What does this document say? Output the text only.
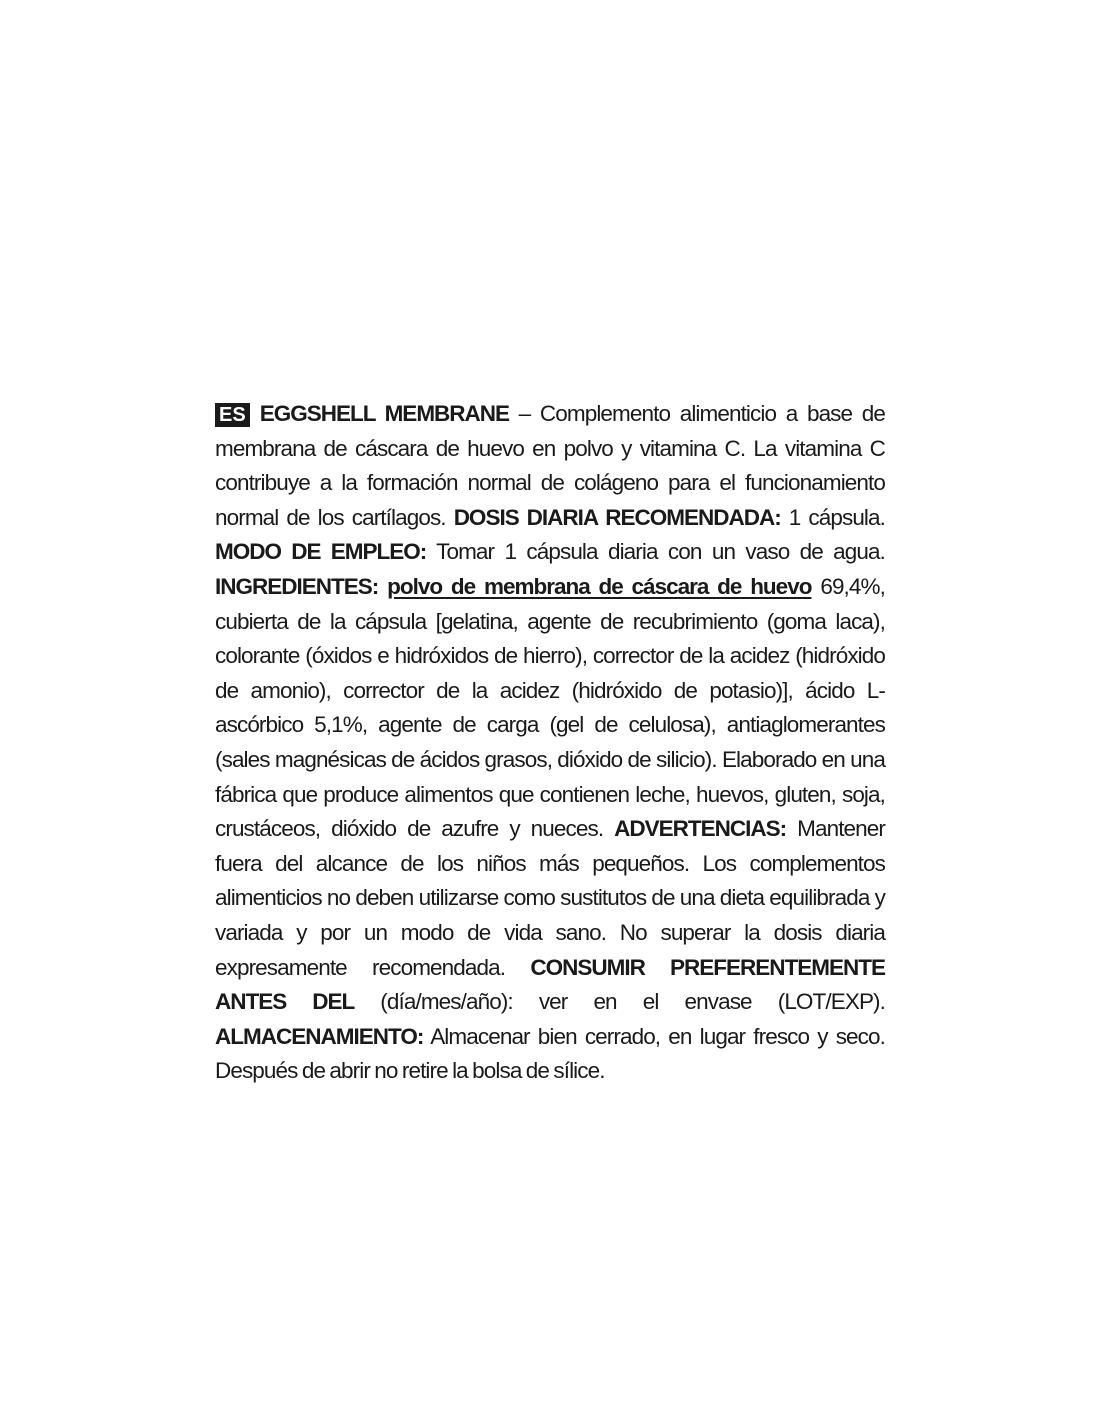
ES EGGSHELL MEMBRANE – Complemento alimenticio a base de membrana de cáscara de huevo en polvo y vitamina C. La vitamina C contribuye a la formación normal de colágeno para el funcionamiento normal de los cartílagos. DOSIS DIARIA RECOMENDADA: 1 cápsula. MODO DE EMPLEO: Tomar 1 cápsula diaria con un vaso de agua. INGREDIENTES: polvo de membrana de cáscara de huevo 69,4%, cubierta de la cápsula [gelatina, agente de recubrimiento (goma laca), colorante (óxidos e hidróxidos de hierro), corrector de la acidez (hidróxido de amonio), corrector de la acidez (hidróxido de potasio)], ácido L-ascórbico 5,1%, agente de carga (gel de celulosa), antiaglomerantes (sales magnésicas de ácidos grasos, dióxido de silicio). Elaborado en una fábrica que produce alimentos que contienen leche, huevos, gluten, soja, crustáceos, dióxido de azufre y nueces. ADVERTENCIAS: Mantener fuera del alcance de los niños más pequeños. Los complementos alimenticios no deben utilizarse como sustitutos de una dieta equilibrada y variada y por un modo de vida sano. No superar la dosis diaria expresamente recomendada. CONSUMIR PREFERENTEMENTE ANTES DEL (día/mes/año): ver en el envase (LOT/EXP). ALMACENAMIENTO: Almacenar bien cerrado, en lugar fresco y seco. Después de abrir no retire la bolsa de sílice.
